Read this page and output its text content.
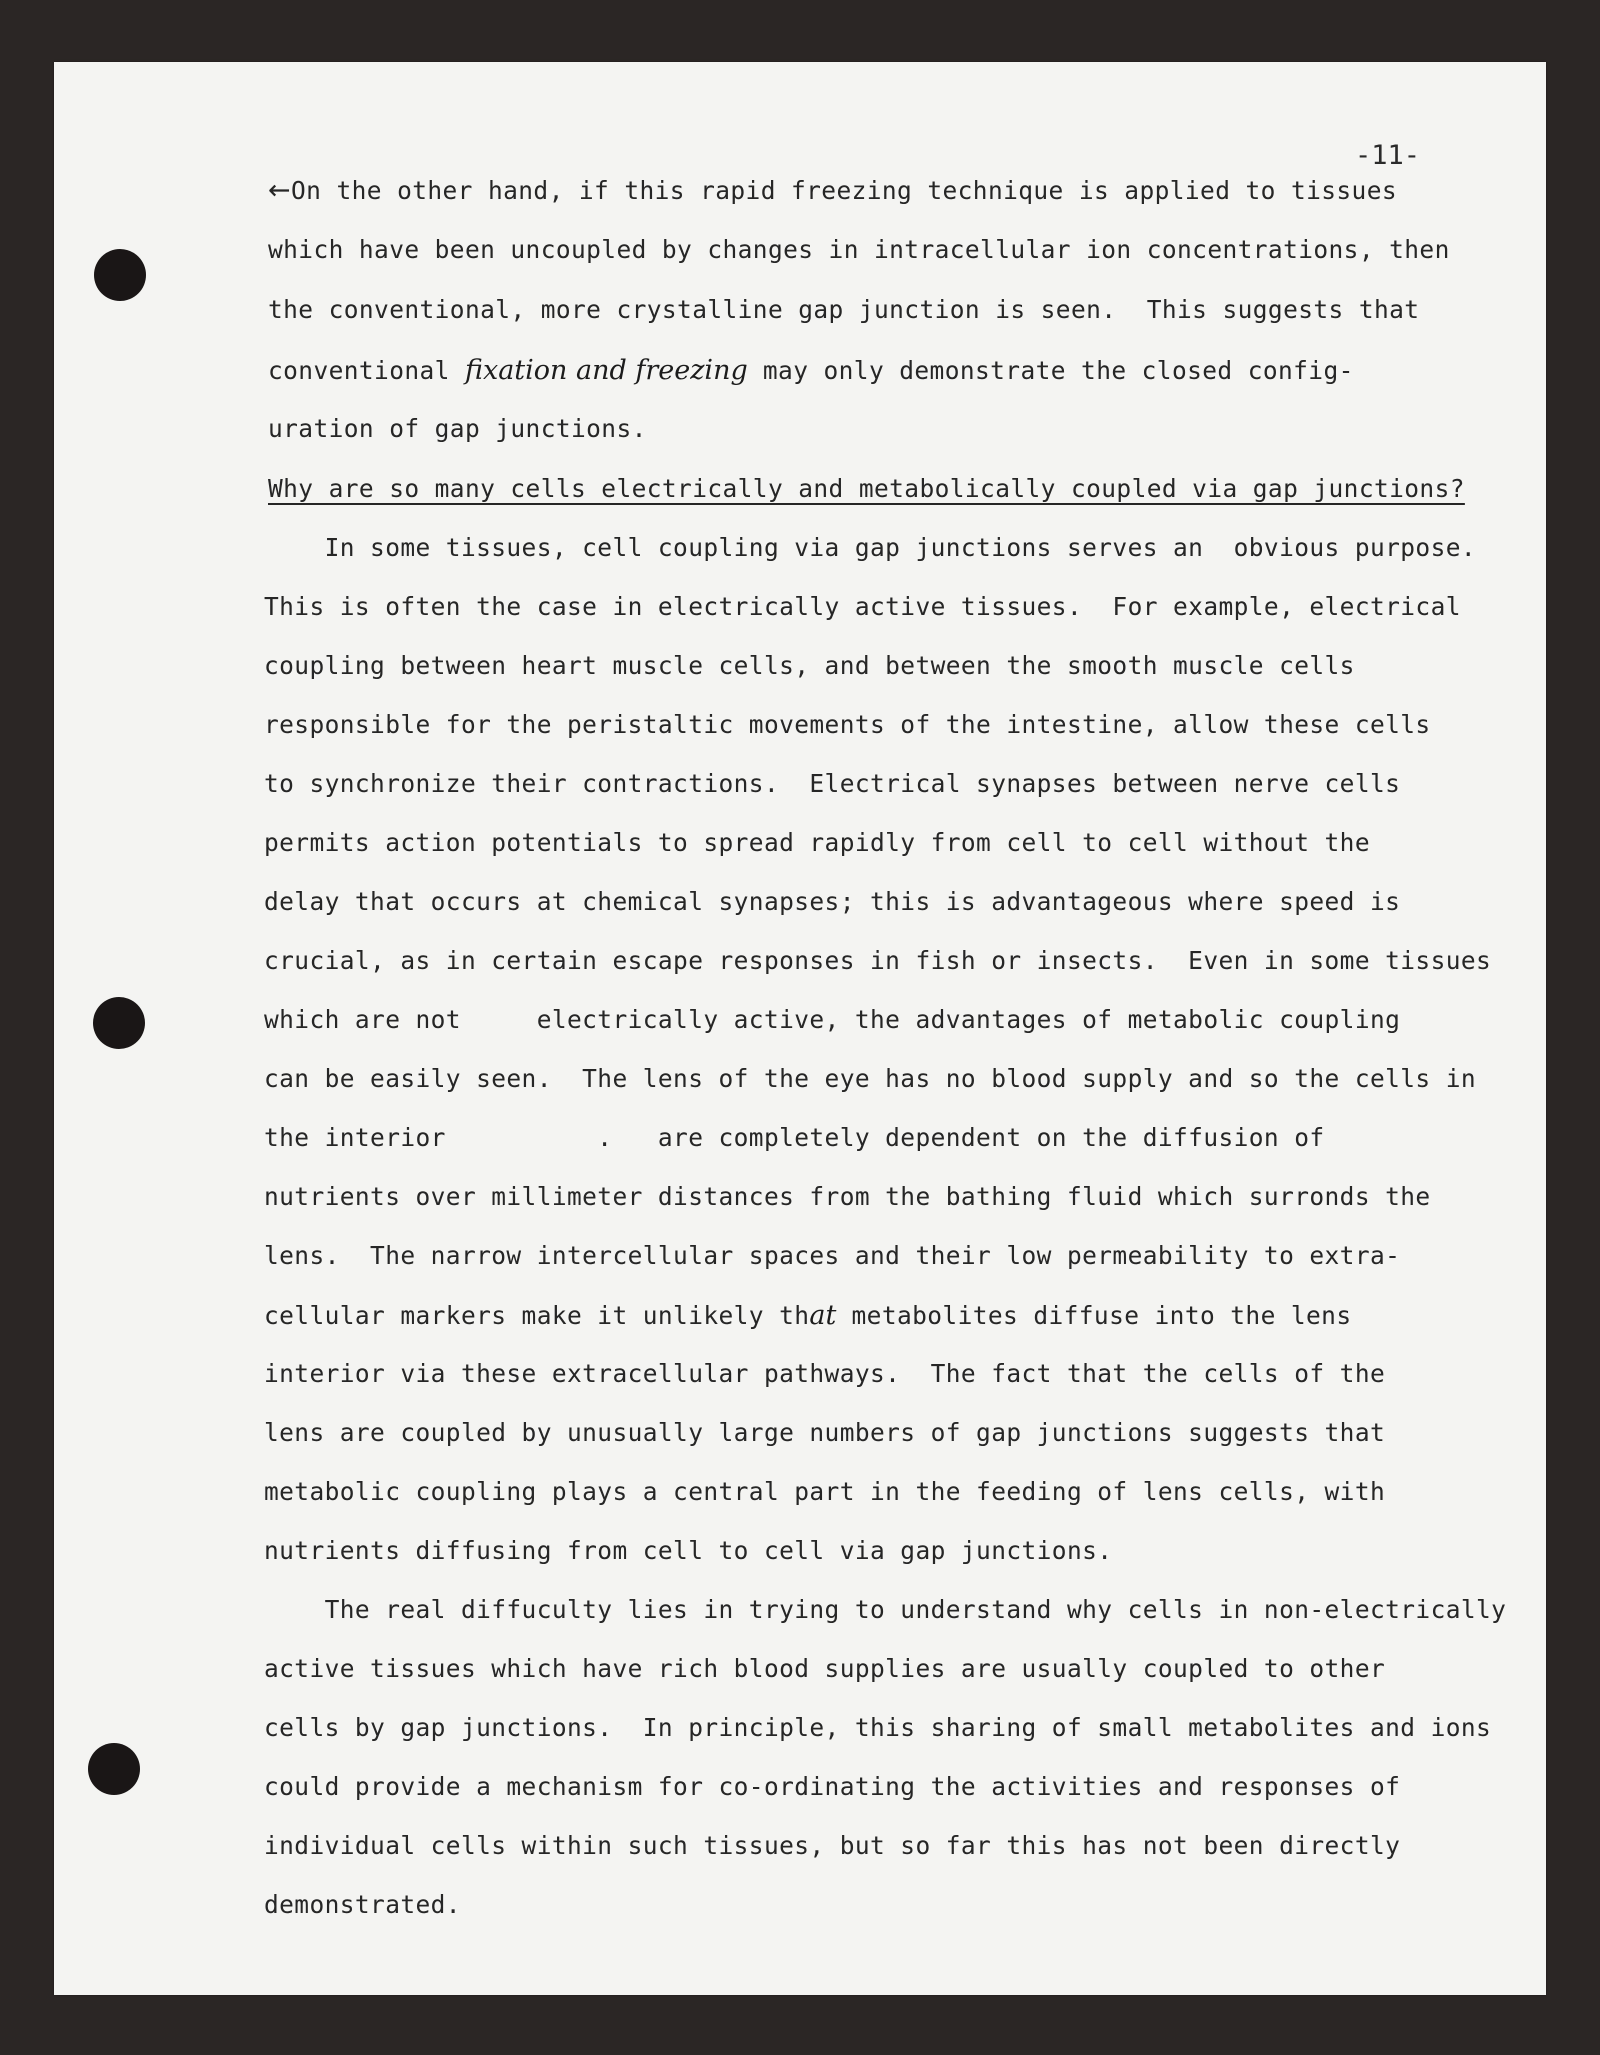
-11-
←On the other hand, if this rapid freezing technique is applied to tissues
which have been uncoupled by changes in intracellular ion concentrations, then
the conventional, more crystalline gap junction is seen.  This suggests that
conventional fixation and freezing may only demonstrate the closed config-
uration of gap junctions.
Why are so many cells electrically and metabolically coupled via gap junctions?
In some tissues, cell coupling via gap junctions serves an  obvious purpose.
This is often the case in electrically active tissues.  For example, electrical
coupling between heart muscle cells, and between the smooth muscle cells
responsible for the peristaltic movements of the intestine, allow these cells
to synchronize their contractions.  Electrical synapses between nerve cells
permits action potentials to spread rapidly from cell to cell without the
delay that occurs at chemical synapses; this is advantageous where speed is
crucial, as in certain escape responses in fish or insects.  Even in some tissues
which are not     electrically active, the advantages of metabolic coupling
can be easily seen.  The lens of the eye has no blood supply and so the cells in
the interior          .   are completely dependent on the diffusion of
nutrients over millimeter distances from the bathing fluid which surronds the
lens.  The narrow intercellular spaces and their low permeability to extra-
cellular markers make it unlikely that metabolites diffuse into the lens
interior via these extracellular pathways.  The fact that the cells of the
lens are coupled by unusually large numbers of gap junctions suggests that
metabolic coupling plays a central part in the feeding of lens cells, with
nutrients diffusing from cell to cell via gap junctions.
The real diffuculty lies in trying to understand why cells in non-electrically
active tissues which have rich blood supplies are usually coupled to other
cells by gap junctions.  In principle, this sharing of small metabolites and ions
could provide a mechanism for co-ordinating the activities and responses of
individual cells within such tissues, but so far this has not been directly
demonstrated.
